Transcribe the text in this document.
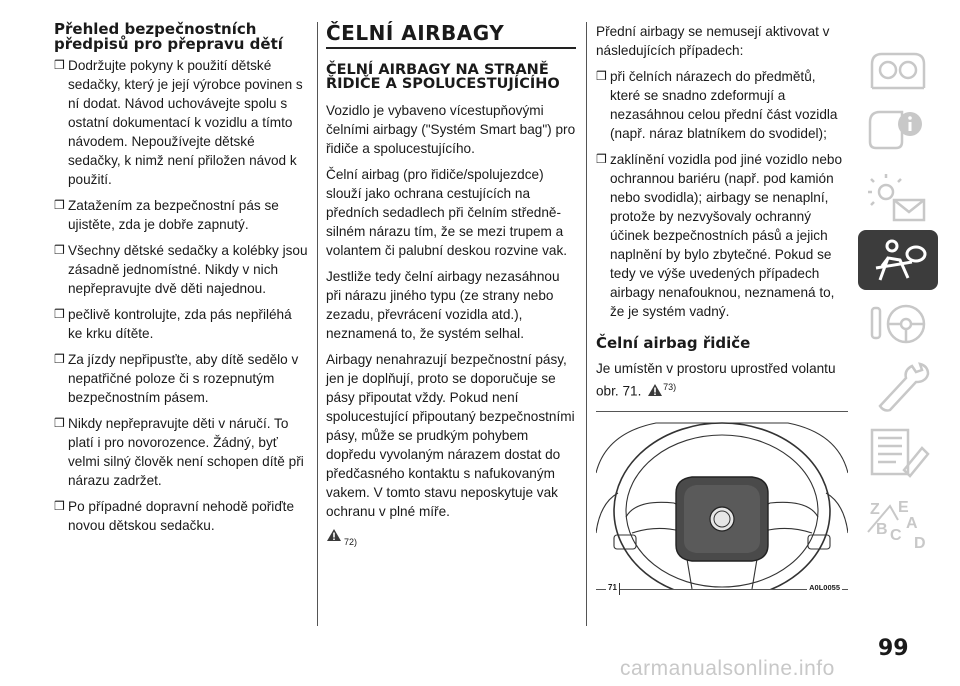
Přehled bezpečnostních předpisů pro přepravu dětí
❒ Dodržujte pokyny k použití dětské sedačky, který je její výrobce povinen s ní dodat. Návod uchovávejte spolu s ostatní dokumentací k vozidlu a tímto návodem. Nepoužívejte dětské sedačky, k nimž není přiložen návod k použití.
❒ Zatažením za bezpečnostní pás se ujistěte, zda je dobře zapnutý.
❒ Všechny dětské sedačky a kolébky jsou zásadně jednomístné. Nikdy v nich nepřepravujte dvě děti najednou.
❒ pečlivě kontrolujte, zda pás nepřiléhá ke krku dítěte.
❒ Za jízdy nepřipusťte, aby dítě sedělo v nepatřičné poloze či s rozepnutým bezpečnostním pásem.
❒ Nikdy nepřepravujte děti v náručí. To platí i pro novorozence. Žádný, byť velmi silný člověk není schopen dítě při nárazu zadržet.
❒ Po případné dopravní nehodě pořiďte novou dětskou sedačku.
ČELNÍ AIRBAGY
ČELNÍ AIRBAGY NA STRANĚ ŘIDIČE A SPOLUCESTUJÍCÍHO

Vozidlo je vybaveno vícestupňovými čelními airbagy ("Systém Smart bag") pro řidiče a spolucestujícího.

Čelní airbag (pro řidiče/spolujezdce) slouží jako ochrana cestujících na předních sedadlech při čelním středně-silném nárazu tím, že se mezi trupem a volantem či palubní deskou rozvine vak.

Jestliže tedy čelní airbagy nezasáhnou při nárazu jiného typu (ze strany nebo zezadu, převrácení vozidla atd.), neznamená to, že systém selhal.

Airbagy nenahrazují bezpečnostní pásy, jen je doplňují, proto se doporučuje se pásy připoutat vždy. Pokud není spolucestující připoutaný bezpečnostními pásy, může se prudkým pohybem dopředu vyvolaným nárazem dostat do předčasného kontaktu s nafukovaným vakem. V tomto stavu neposkytuje vak ochranu v plné míře.

72)

Přední airbagy se nemusejí aktivovat v následujících případech:

❒ při čelních nárazech do předmětů, které se snadno zdeformují a nezasáhnou celou přední část vozidla (např. náraz blatníkem do svodidel);
❒ zaklínění vozidla pod jiné vozidlo nebo ochrannou bariéru (např. pod kamión nebo svodidla); airbagy se nenaplní, protože by nezvyšovaly ochranný účinek bezpečnostních pásů a jejich naplnění by bylo zbytečné. Pokud se tedy ve výše uvedených případech airbagy nenafouknou, neznamená to, že je systém vadný.
Čelní airbag řidiče

Je umístěn v prostoru uprostřed volantu obr. 71. $^{73)}$

71	A0L0055
Z E
A
B C D
99
carmanualsonline.info
